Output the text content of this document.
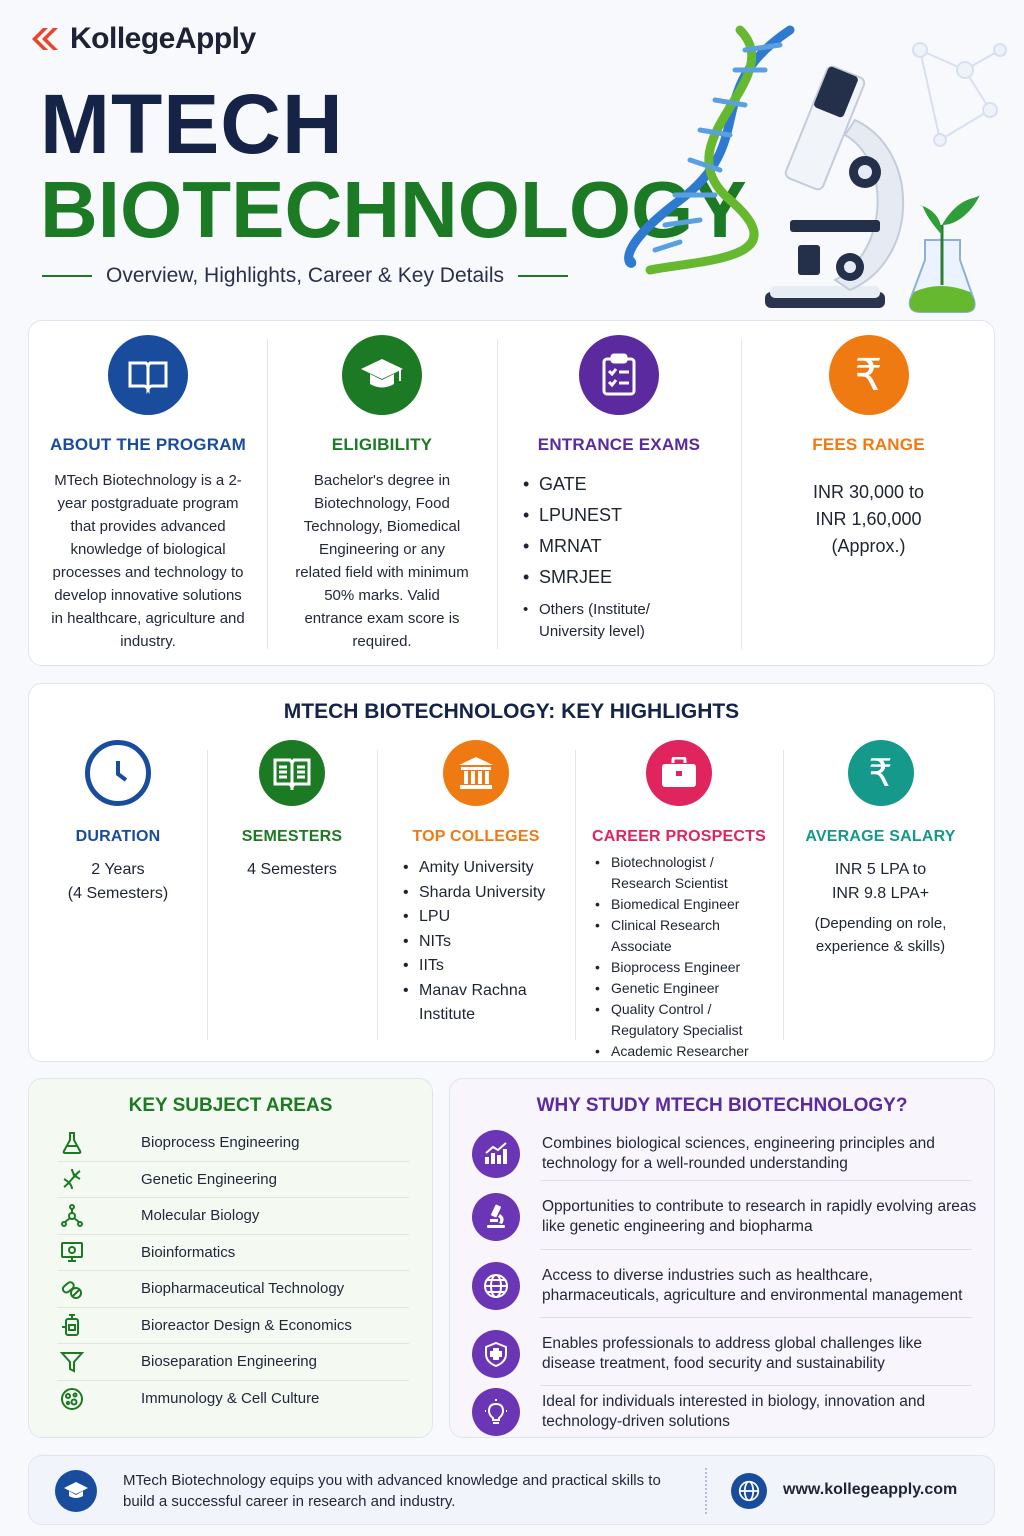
KollegeApply
MTECH
BIOTECHNOLOGY
Overview, Highlights, Career & Key Details
ABOUT THE PROGRAM
MTech Biotechnology is a 2-year postgraduate program that provides advanced knowledge of biological processes and technology to develop innovative solutions in healthcare, agriculture and industry.
ELIGIBILITY
Bachelor's degree in Biotechnology, Food Technology, Biomedical Engineering or any related field with minimum 50% marks. Valid entrance exam score is required.
ENTRANCE EXAMS
• GATE
• LPUNEST
• MRNAT
• SMRJEE
• Others (Institute/ University level)
₹
FEES RANGE
INR 30,000 to
INR 1,60,000
(Approx.)
MTECH BIOTECHNOLOGY: KEY HIGHLIGHTS
DURATION
2 Years
(4 Semesters)
SEMESTERS
4 Semesters
TOP COLLEGES
• Amity University
• Sharda University
• LPU
• NITs
• IITs
• Manav Rachna Institute
CAREER PROSPECTS
• Biotechnologist / Research Scientist
• Biomedical Engineer
• Clinical Research Associate
• Bioprocess Engineer
• Genetic Engineer
• Quality Control / Regulatory Specialist
• Academic Researcher
₹
AVERAGE SALARY
INR 5 LPA to
INR 9.8 LPA+
(Depending on role, experience & skills)
KEY SUBJECT AREAS
Bioprocess Engineering
Genetic Engineering
Molecular Biology
Bioinformatics
Biopharmaceutical Technology
Bioreactor Design & Economics
Bioseparation Engineering
Immunology & Cell Culture
WHY STUDY MTECH BIOTECHNOLOGY?
Combines biological sciences, engineering principles and technology for a well-rounded understanding
Opportunities to contribute to research in rapidly evolving areas like genetic engineering and biopharma
Access to diverse industries such as healthcare, pharmaceuticals, agriculture and environmental management
Enables professionals to address global challenges like disease treatment, food security and sustainability
Ideal for individuals interested in biology, innovation and technology-driven solutions
MTech Biotechnology equips you with advanced knowledge and practical skills to build a successful career in research and industry.
www.kollegeapply.com
